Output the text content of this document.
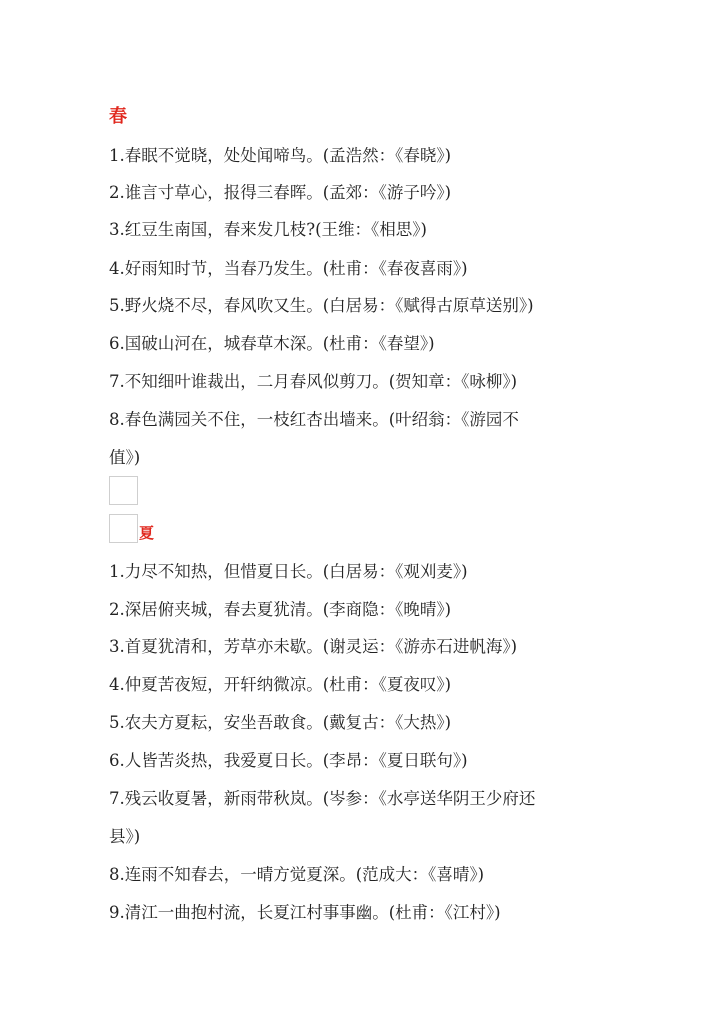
春
1.春眠不觉晓，处处闻啼鸟。(孟浩然：《春晓》)
2.谁言寸草心，报得三春晖。(孟郊：《游子吟》)
3.红豆生南国，春来发几枝?(王维：《相思》)
4.好雨知时节，当春乃发生。(杜甫：《春夜喜雨》)
5.野火烧不尽，春风吹又生。(白居易：《赋得古原草送别》)
6.国破山河在，城春草木深。(杜甫：《春望》)
7.不知细叶谁裁出，二月春风似剪刀。(贺知章：《咏柳》)
8.春色满园关不住，一枝红杏出墙来。(叶绍翁：《游园不
值》)
夏
1.力尽不知热，但惜夏日长。(白居易：《观刈麦》)
2.深居俯夹城，春去夏犹清。(李商隐：《晚晴》)
3.首夏犹清和，芳草亦未歇。(谢灵运：《游赤石进帆海》)
4.仲夏苦夜短，开轩纳微凉。(杜甫：《夏夜叹》)
5.农夫方夏耘，安坐吾敢食。(戴复古：《大热》)
6.人皆苦炎热，我爱夏日长。(李昂：《夏日联句》)
7.残云收夏暑，新雨带秋岚。(岑参：《水亭送华阴王少府还
县》)
8.连雨不知春去，一晴方觉夏深。(范成大：《喜晴》)
9.清江一曲抱村流，长夏江村事事幽。(杜甫：《江村》)
